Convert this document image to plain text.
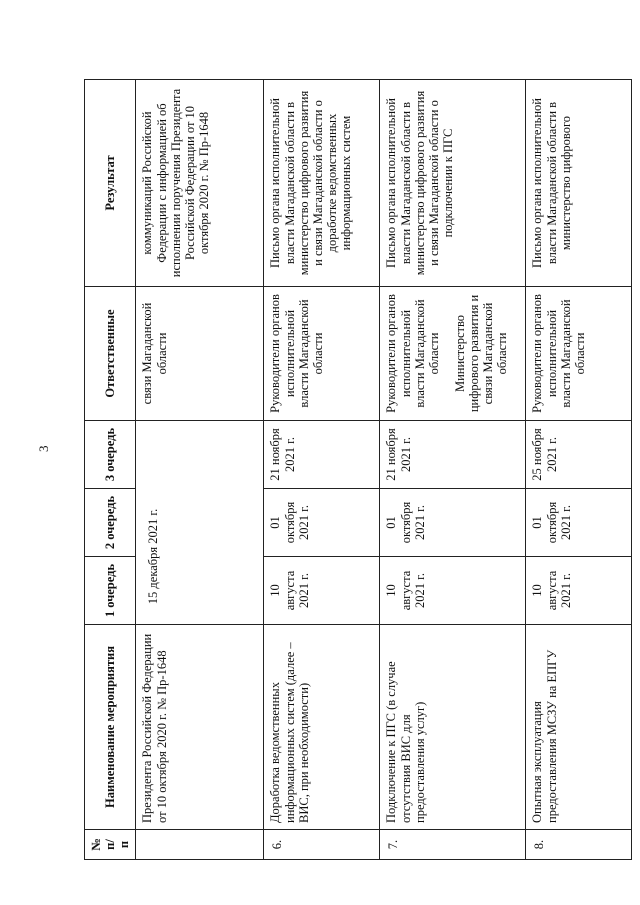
3
№ п/п	Наименование мероприятия	1 очередь	2 очередь	3 очередь	Ответственные	Результат
	Президента Российской Федерации от 10 октября 2020 г. № Пр-1648	15 декабря 2021 г.			связи Магаданской области	коммуникаций Российской Федерации с информацией об исполнении поручения Президента Российской Федерации от 10 октября 2020 г. № Пр-1648
6.	Доработка ведомственных информационных систем (далее – ВИС, при необходимости)	10 августа 2021 г.	01 октября 2021 г.	21 ноября 2021 г.	Руководители органов исполнительной власти Магаданской области	Письмо органа исполнительной власти Магаданской области в министерство цифрового развития и связи Магаданской области о доработке ведомственных информационных систем
7.	Подключение к ПГС (в случае отсутствия ВИС для предоставления услуг)	10 августа 2021 г.	01 октября 2021 г.	21 ноября 2021 г.	Руководители органов исполнительной власти Магаданской области Министерство цифрового развития и связи Магаданской области	Письмо органа исполнительной власти Магаданской области в министерство цифрового развития и связи Магаданской области о подключении к ПГС
8.	Опытная эксплуатация предоставления МСЗУ на ЕПГУ	10 августа 2021 г.	01 октября 2021 г.	25 ноября 2021 г.	Руководители органов исполнительной власти Магаданской области	Письмо органа исполнительной власти Магаданской области в министерство цифрового
